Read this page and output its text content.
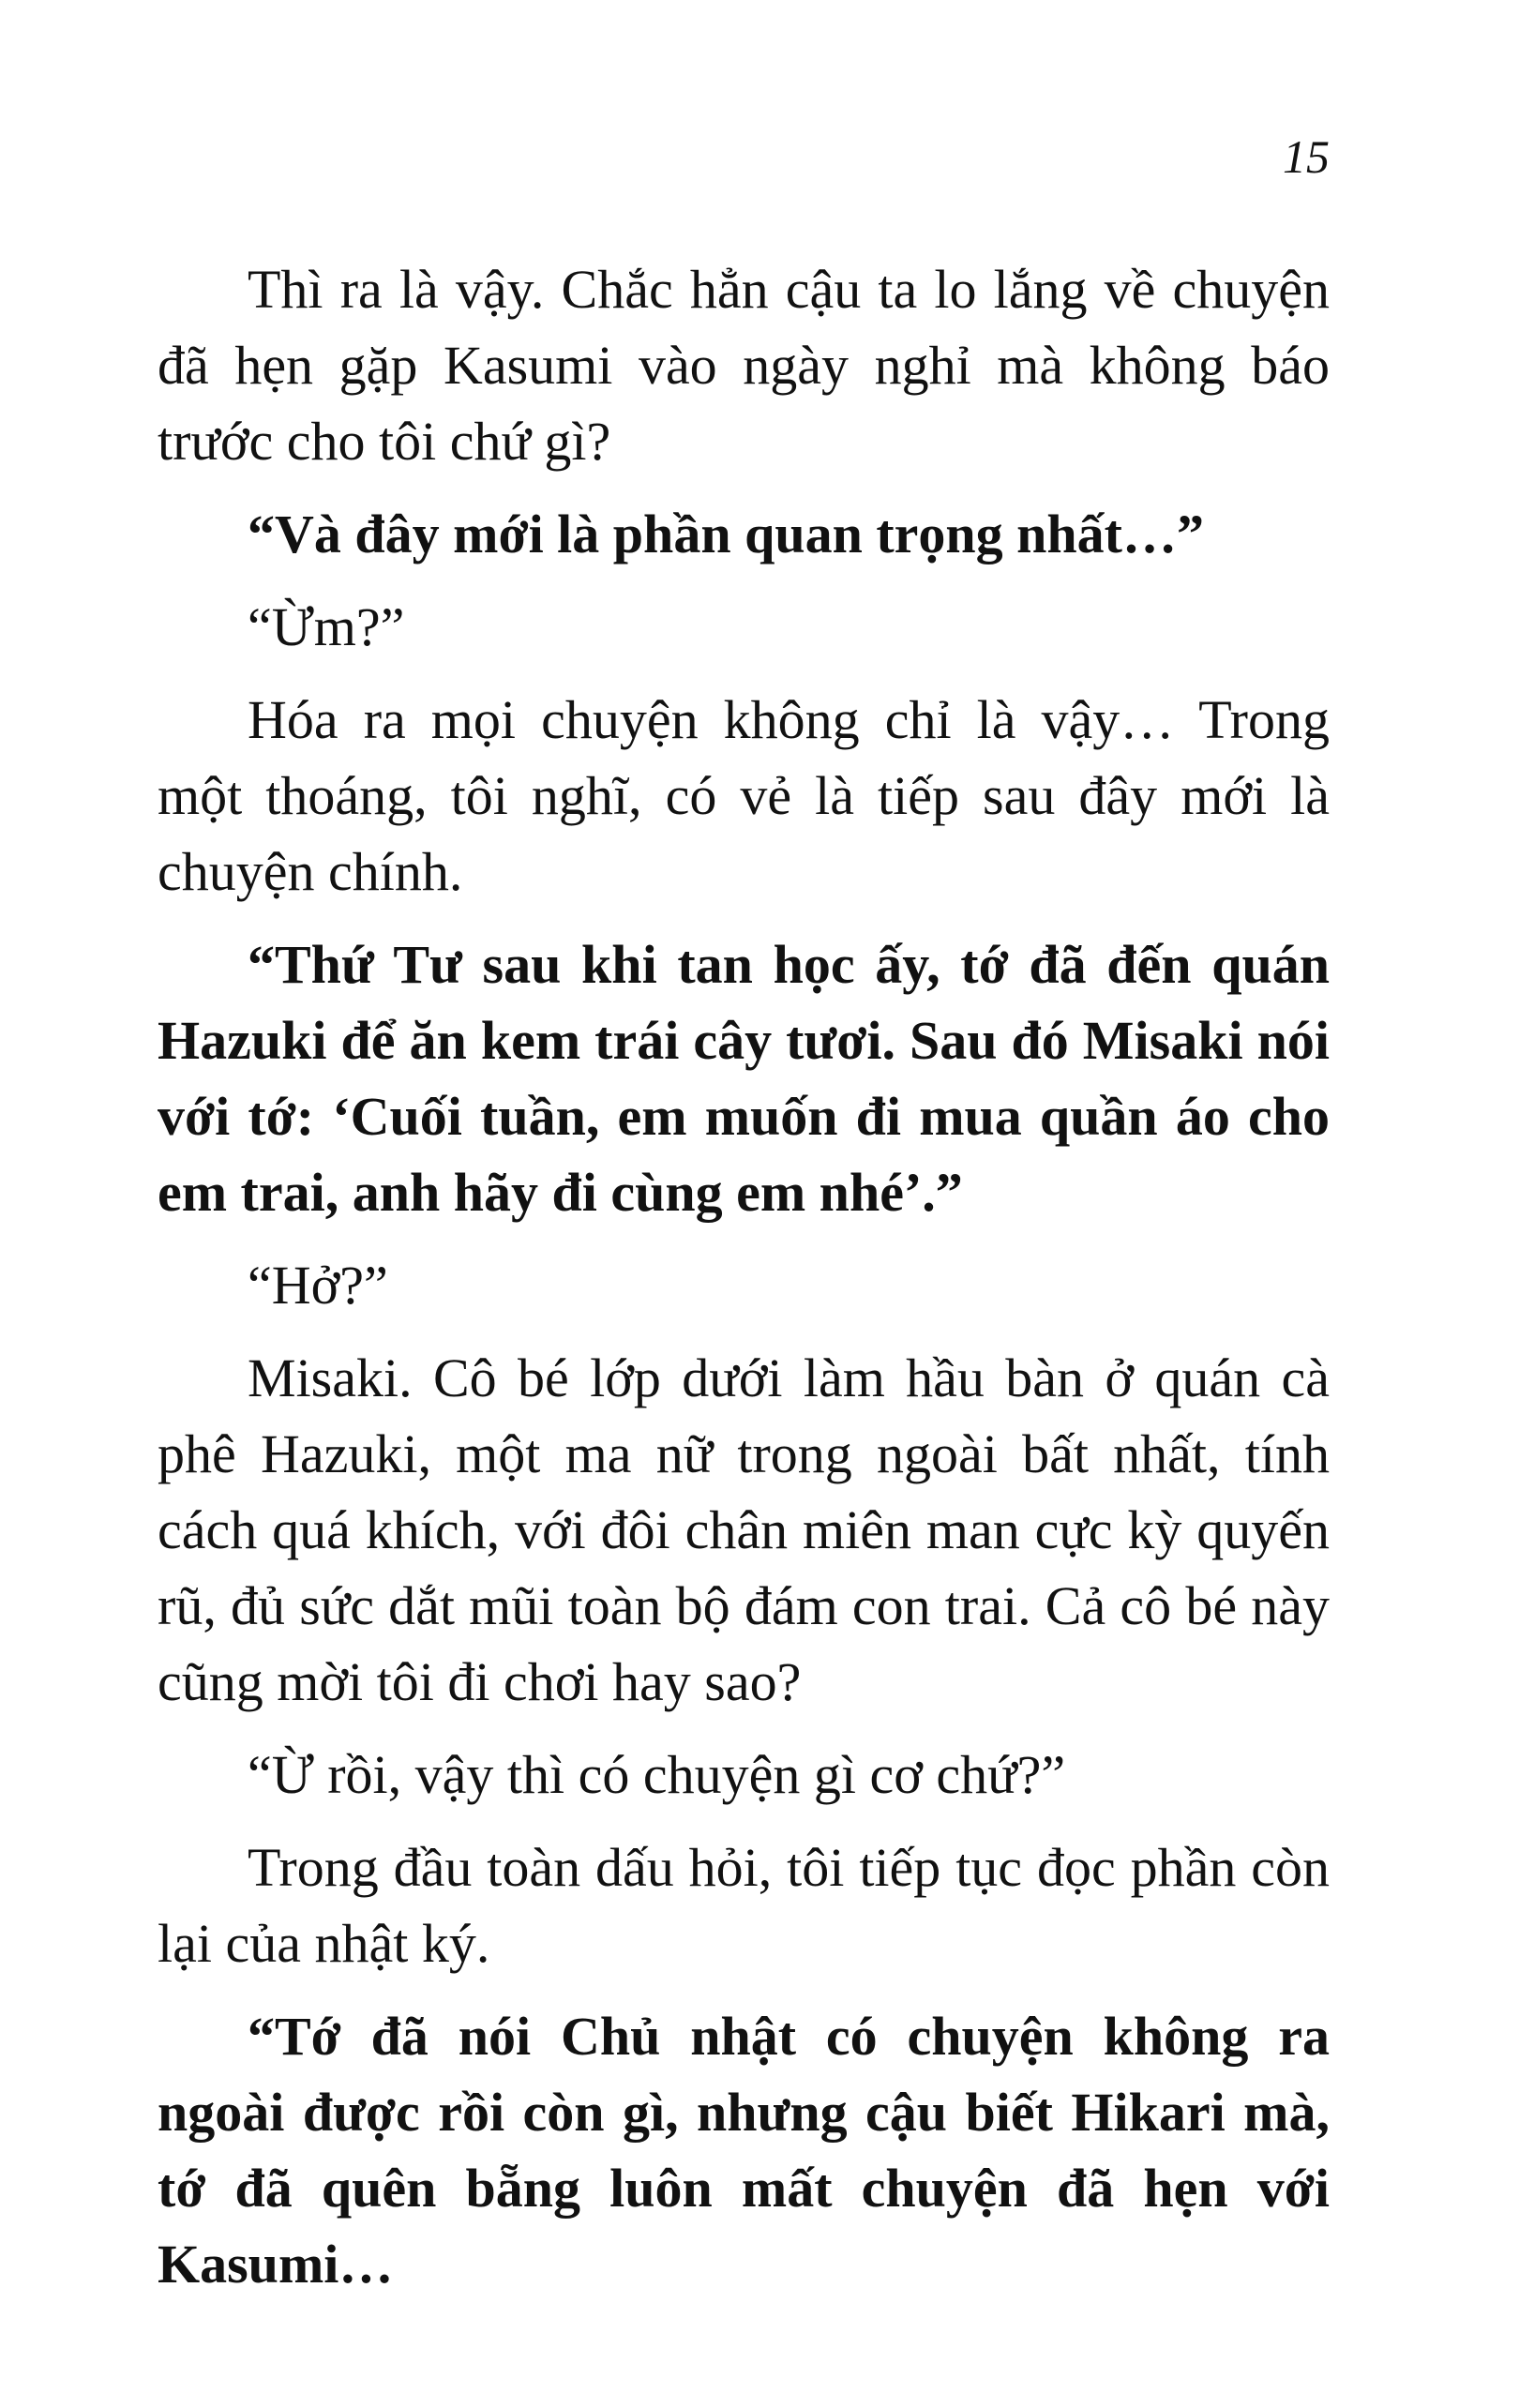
15

Thì ra là vậy. Chắc hẳn cậu ta lo lắng về chuyện đã hẹn gặp Kasumi vào ngày nghỉ mà không báo trước cho tôi chứ gì?

“Và đây mới là phần quan trọng nhất…”

“Ừm?”

Hóa ra mọi chuyện không chỉ là vậy… Trong một thoáng, tôi nghĩ, có vẻ là tiếp sau đây mới là chuyện chính.

“Thứ Tư sau khi tan học ấy, tớ đã đến quán Hazuki để ăn kem trái cây tươi. Sau đó Misaki nói với tớ: ‘Cuối tuần, em muốn đi mua quần áo cho em trai, anh hãy đi cùng em nhé’.”

“Hở?”

Misaki. Cô bé lớp dưới làm hầu bàn ở quán cà phê Hazuki, một ma nữ trong ngoài bất nhất, tính cách quá khích, với đôi chân miên man cực kỳ quyến rũ, đủ sức dắt mũi toàn bộ đám con trai. Cả cô bé này cũng mời tôi đi chơi hay sao?

“Ừ rồi, vậy thì có chuyện gì cơ chứ?”

Trong đầu toàn dấu hỏi, tôi tiếp tục đọc phần còn lại của nhật ký.

“Tớ đã nói Chủ nhật có chuyện không ra ngoài được rồi còn gì, nhưng cậu biết Hikari mà, tớ đã quên bẵng luôn mất chuyện đã hẹn với Kasumi…
